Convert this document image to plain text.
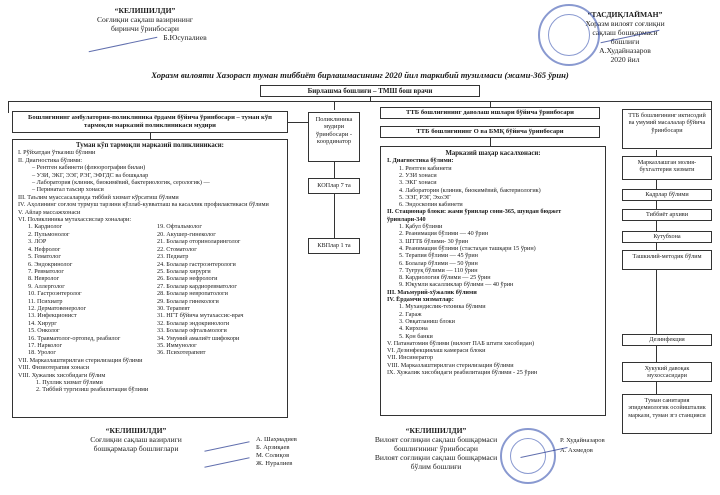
“КЕЛИШИЛДИ”
Соғлиқни сақлаш вазирининг
биринчи ўринбосари
Б.Юсупалиев
“ТАСДИҚЛАЙМАН”
Хоразм вилоят соғлиқни
сақлаш бошқармаси
бошлиғи
А.Худайназаров
2020 йил
Хоразм вилояти Хазорасп туман тиббиёт бирлашмасининг 2020 йил таркибий тузилмаси (жами-365 ўрин)
Бирлашма бошлиғи – ТМШ бош врачи
Бошлиғининг амбулатория-поликлиника ёрдами бўйича ўринбосари – туман кўп тармоқли марказий поликлиникаси мудири
Туман кўп тармоқли марказий поликлиникаси:
I. Рўйхатдан ўтказиш бўлими
II. Диагностика бўлими:
– Рентген кабинети (флюорография билан)
– УЗИ, ЭКГ, ЭЭГ, РЭГ, ЭФГДС ва бошқалар
– Лаборатория (клиник, биокимёвий, бактериологик, серологик) —
– Перинатал таъсир хонаси
III. Таълим муассасаларида тиббий хизмат кўрсатиш бўлими
IV. Аҳолининг соғлом турмуш тарзини кўллаб-кувватлаш ва касаллик профилактикаси бўлими
V. Айлар массажхонаси
VI. Поликлиника мутахассислар хоналари:
1. Кардиолог
2. Пульмонолог
3. ЛОР
4. Нефролог
5. Гематолог
6. Эндокринолог
7. Ревматолог
8. Невролог
9. Аллерголог
10. Гастроэнтеролог
11. Психиатр
12. Дерматовенеролог
13. Инфекционист
14. Хирург
15. Онколог
16. Травматолог-ортопед, реабилог
17. Нарколог
18. Уролог
19. Офтальмолог
20. Акушер-гинеколог
21. Болалар оториноларинголог
22. Стоматолог
23. Педиатр
24. Болалар гастроэнтерологи
25. Болалар хирурги
26. Болалар нефрологи
27. Болалар кардиоревматолог
28. Болалар невропатологи
29. Болалар гинекологи
30. Терапевт
31. НГТ бўйича мутахассис-врач
32. Болалар эндокринологи
33. Болалар офтальмологи
34. Умумий амалиёт шифокори
35. Иммунолог
36. Психотерапевт
VII. Марказлаштирилган стерилизация бўлими
VIII. Физиотерапия хонаси
VIII. Хужалик хисобидаги бўлим
1. Пуллик хизмат бўлими
2. Тиббий тургизиш реабилитация бўлими
Поликлиника мудири ўринбосари - координатор
КОПлар 7 та
КВПлар 1 та
ТТБ бошлиғининг даволаш ишлари бўйича ўринбосари
ТТБ бошлиғининг О ва БМҚ бўйича ўринбосари
Марказий шаҳар касалхонаси:
I. Диагностика бўлими:
1. Рентген кабинети
2. УЗИ хонаси
3. ЭКГ хонаси
4. Лаборатория (клиник, биокимёвий, бактериологик)
5. ЭЭГ, РЭГ, ЭхоЭГ
6. Эндоскопия кабинети
II. Стационар блоки: жами ўринлар сони-365, шундан бюджет ўринлари-340
1. Қабул бўлими
2. Реанимация бўлими — 40 ўрин
3. ШТТБ бўлими- 30 ўрин
4. Реанимация бўлими (стастаҳан ташқари 15 ўрин)
5. Терапия бўлими — 45 ўрин
6. Болалар бўлими — 50 ўрин
7. Туғруқ бўлими — 110 ўрин
8. Кардиология бўлими — 25 ўрин
9. Юқумли касалликлар бўлими — 40 ўрин
III. Маъмурий-хўжалик бўлими
IV. Ёрдамчи хизматлар:
1. Мухандислик-техника бўлими
2. Гараж
3. Овқатланиш блоки
4. Кирхона
5. Қон банки
V. Патанатомия бўлими (вилоят ПАБ штати хисобидан)
VI. Дезинфекциялаш камераси блоки
VII. Инсинератор
VIII. Марказлаштирилган стерилизация бўлими
IX. Хужалик хисобидаги реабилитация бўлими - 25 ўрин
ТТБ бошлиғининг иктисодий ва умумий масалалар бўйича ўринбосари
Марказлашган молия-бухгалтерия хизмати
Кадрлар бўлими
Тиббиёт архиви
Кутубхона
Ташкилий-методик бўлим
Дезинфекция
Хукукий давоқак мухоссасидари
Туман санитария эпидемиологик осойишталик маркази, туман згз станцияси
“КЕЛИШИЛДИ”
Соғлиқни сақлаш вазирлиги
бошқармалар бошлиғлари
А. Шаҳмадиев
Б. Арзиқаев
М. Солиқов
Ж. Нуралиев
“КЕЛИШИЛДИ”
Вилоят соғлиқни сақлаш бошқармаси
бошлиғининг ўринбосари
Вилоят соғлиқни сақлаш бошқармаси
бўлим бошлиғи
Р. Худайназаров
А. Ахмедов
